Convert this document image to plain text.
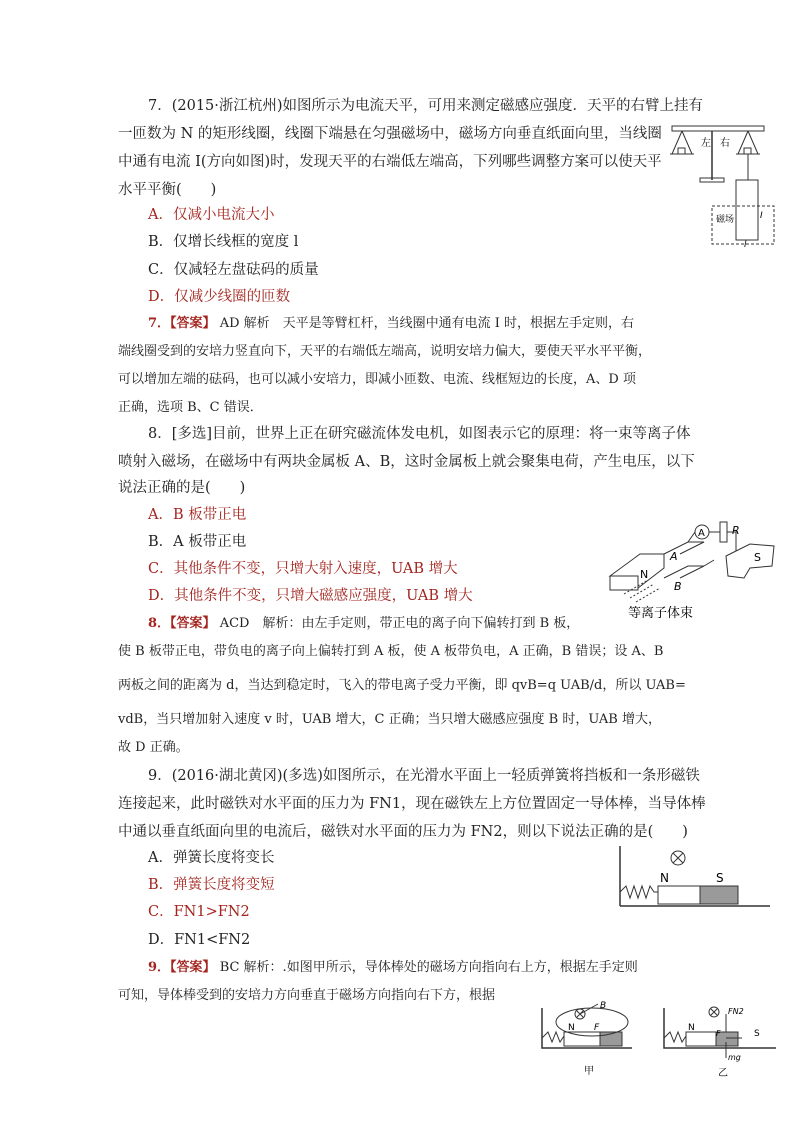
7．(2015·浙江杭州)如图所示为电流天平，可用来测定磁感应强度．天平的右臂上挂有
一匝数为 N 的矩形线圈，线圈下端悬在匀强磁场中，磁场方向垂直纸面向里，当线圈
中通有电流 I(方向如图)时，发现天平的右端低左端高，下列哪些调整方案可以使天平
水平平衡(　　)
A．仅减小电流大小
B．仅增长线框的宽度 l
C．仅减轻左盘砝码的质量
D．仅减少线圈的匝数
7．【答案】 AD 解析　天平是等臂杠杆，当线圈中通有电流 I 时，根据左手定则，右
端线圈受到的安培力竖直向下，天平的右端低左端高，说明安培力偏大，要使天平水平平衡，
可以增加左端的砝码，也可以减小安培力，即减小匝数、电流、线框短边的长度，A、D 项
正确，选项 B、C 错误．
左 右
磁场	I
l
8．[多选]目前，世界上正在研究磁流体发电机，如图表示它的原理：将一束等离子体
喷射入磁场，在磁场中有两块金属板 A、B，这时金属板上就会聚集电荷，产生电压，以下
说法正确的是(　　)
A．B 板带正电
B．A 板带正电
C．其他条件不变，只增大射入速度，UAB 增大
D．其他条件不变，只增大磁感应强度，UAB 增大
8．【答案】 ACD　解析：由左手定则，带正电的离子向下偏转打到 B 板，
使 B 板带正电，带负电的离子向上偏转打到 A 板，使 A 板带负电，A 正确，B 错误；设 A、B
两板之间的距离为 d，当达到稳定时，飞入的带电离子受力平衡，即 qvB=q UAB/d，所以 UAB=
vdB，当只增加射入速度 v 时，UAB 增大，C 正确；当只增大磁感应强度 B 时，UAB 增大，
故 D 正确。
N
A
B
A R
S
等离子体束
9．(2016·湖北黄冈)(多选)如图所示，在光滑水平面上一轻质弹簧将挡板和一条形磁铁
连接起来，此时磁铁对水平面的压力为 FN1，现在磁铁左上方位置固定一导体棒，当导体棒
中通以垂直纸面向里的电流后，磁铁对水平面的压力为 FN2，则以下说法正确的是(　　)
A．弹簧长度将变长
B．弹簧长度将变短
C．FN1>FN2
D．FN1<FN2
9．【答案】 BC 解析：.如图甲所示，导体棒处的磁场方向指向右上方，根据左手定则
可知，导体棒受到的安培力方向垂直于磁场方向指向右下方，根据
N	S
B
N F
甲
N
S
FN2
F
mg
乙
